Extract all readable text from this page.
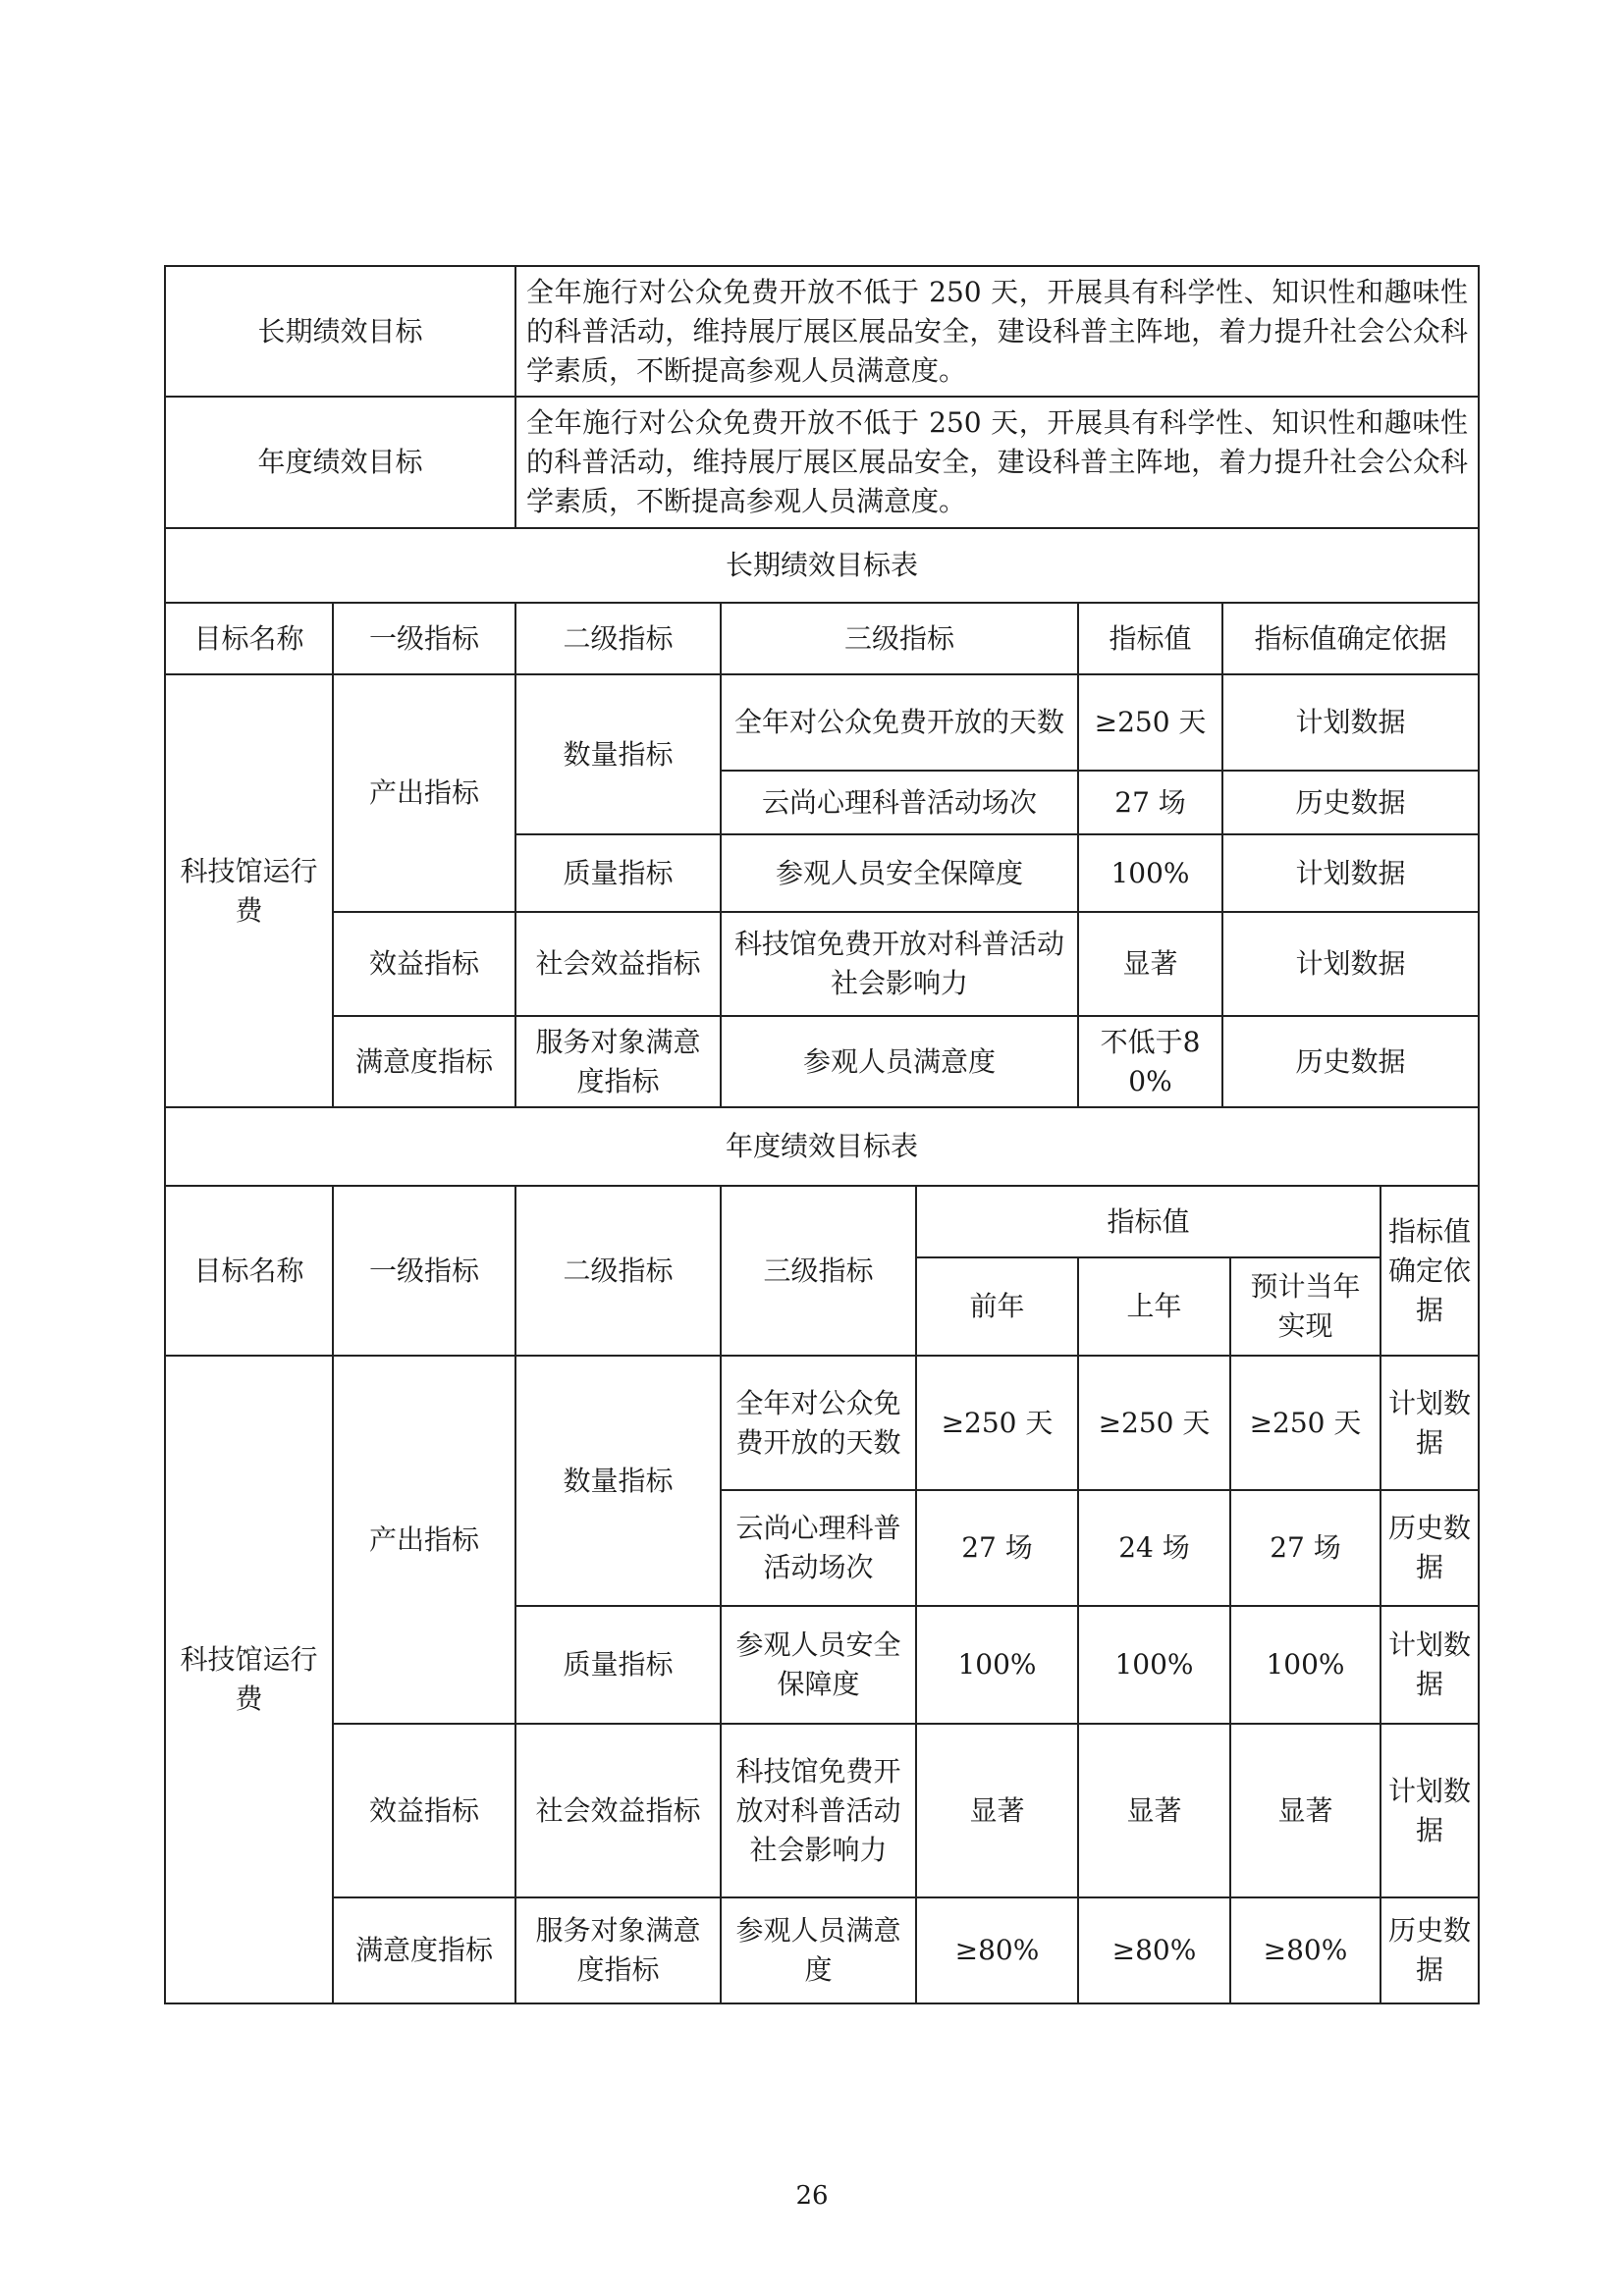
长期绩效目标		全年施行对公众免费开放不低于 250 天，开展具有科学性、知识性和趣味性的科普活动，维持展厅展区展品安全，建设科普主阵地，着力提升社会公众科学素质，不断提高参观人员满意度。			
年度绩效目标		全年施行对公众免费开放不低于 250 天，开展具有科学性、知识性和趣味性的科普活动，维持展厅展区展品安全，建设科普主阵地，着力提升社会公众科学素质，不断提高参观人员满意度。			
长期绩效目标表					
目标名称	一级指标	二级指标	三级指标	指标值	指标值确定依据
科技馆运行费	产出指标	数量指标	全年对公众免费开放的天数	≥250 天	计划数据
			云尚心理科普活动场次	27 场	历史数据
		质量指标	参观人员安全保障度	100%	计划数据
	效益指标	社会效益指标	科技馆免费开放对科普活动社会影响力	显著	计划数据
	满意度指标	服务对象满意度指标	参观人员满意度	不低于80%	历史数据
年度绩效目标表							
目标名称	一级指标	二级指标	三级指标	指标值			指标值确定依据
				前年	上年	预计当年实现	
科技馆运行费	产出指标	数量指标	全年对公众免费开放的天数	≥250 天	≥250 天	≥250 天	计划数据
			云尚心理科普活动场次	27 场	24 场	27 场	历史数据
		质量指标	参观人员安全保障度	100%	100%	100%	计划数据
	效益指标	社会效益指标	科技馆免费开放对科普活动社会影响力	显著	显著	显著	计划数据
	满意度指标	服务对象满意度指标	参观人员满意度	≥80%	≥80%	≥80%	历史数据
26
